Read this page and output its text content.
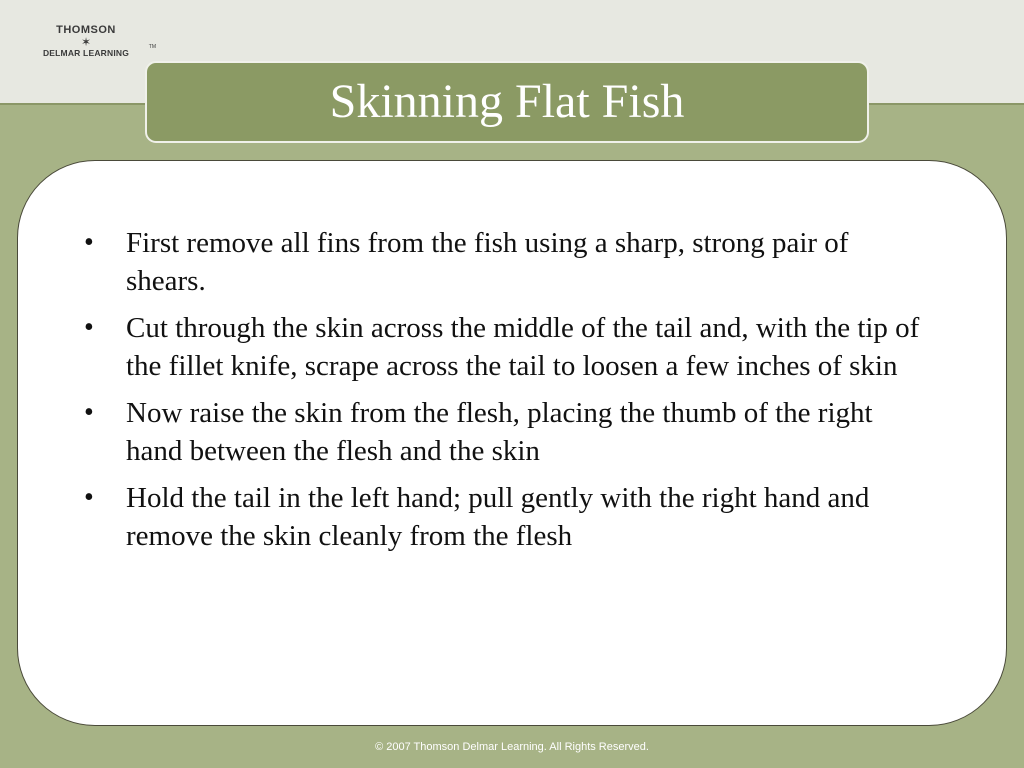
THOMSON
✶
DELMAR LEARNING
TM
Skinning Flat Fish
• First remove all fins from the fish using a sharp, strong pair of shears.
• Cut through the skin across the middle of the tail and, with the tip of the fillet knife, scrape across the tail to loosen a few inches of skin
• Now raise the skin from the flesh, placing the thumb of the right hand between the flesh and the skin
• Hold the tail in the left hand; pull gently with the right hand and remove the skin cleanly from the flesh
© 2007 Thomson Delmar Learning. All Rights Reserved.
